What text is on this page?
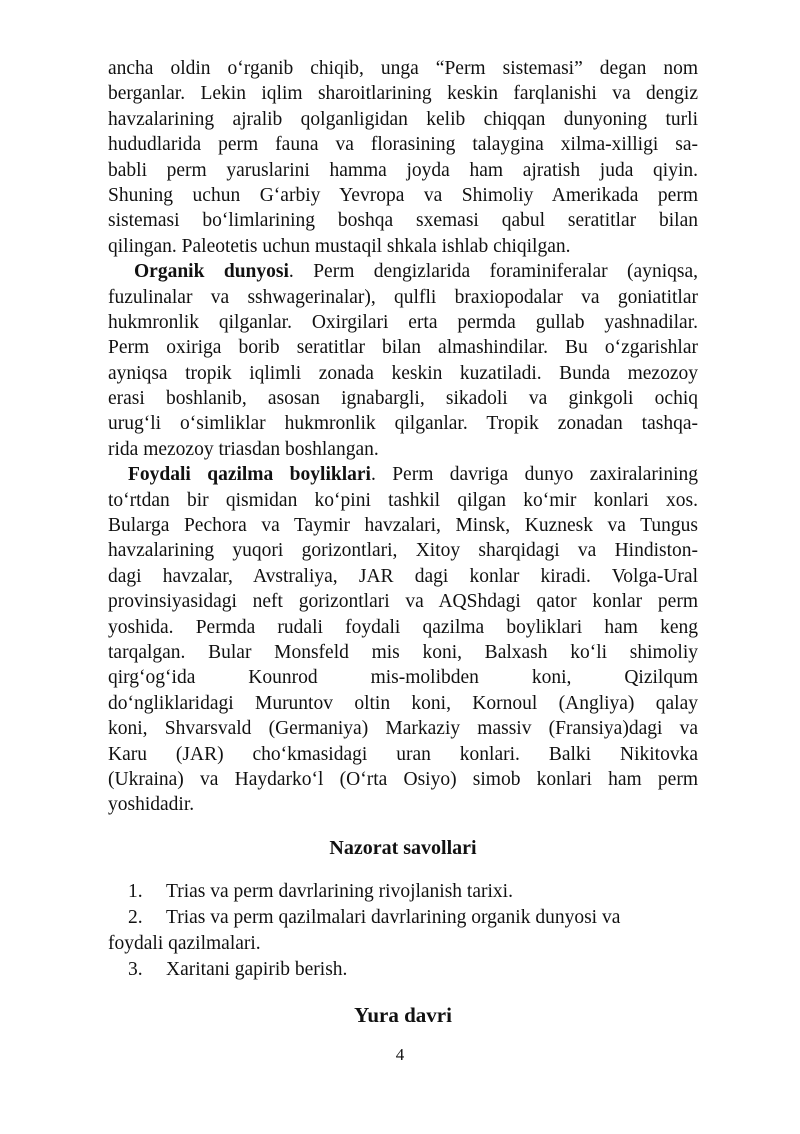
ancha oldin o‘rganib chiqib, unga “Perm sistemasi” degan nom
berganlar. Lekin iqlim sharoitlarining keskin farqlanishi va dengiz
havzalarining ajralib qolganligidan kelib chiqqan dunyoning turli
hududlarida perm fauna va florasining talaygina xilma-xilligi sa-
babli perm yaruslarini hamma joyda ham ajratish juda qiyin.
Shuning uchun G‘arbiy Yevropa va Shimoliy Amerikada perm
sistemasi bo‘limlarining boshqa sxemasi qabul seratitlar bilan
qilingan. Paleotetis uchun mustaqil shkala ishlab chiqilgan.
Organik dunyosi. Perm dengizlarida foraminiferalar (ayniqsa,
fuzulinalar va sshwagerinalar), qulfli braxiopodalar va goniatitlar
hukmronlik qilganlar. Oxirgilari erta permda gullab yashnadilar.
Perm oxiriga borib seratitlar bilan almashindilar. Bu o‘zgarishlar
ayniqsa tropik iqlimli zonada keskin kuzatiladi. Bunda mezozoy
erasi boshlanib, asosan ignabargli, sikadoli va ginkgoli ochiq
urug‘li o‘simliklar hukmronlik qilganlar. Tropik zonadan tashqa-
rida mezozoy triasdan boshlangan.
Foydali qazilma boyliklari. Perm davriga dunyo zaxiralarining
to‘rtdan bir qismidan ko‘pini tashkil qilgan ko‘mir konlari xos.
Bularga Pechora va Taymir havzalari, Minsk, Kuznesk va Tungus
havzalarining yuqori gorizontlari, Xitoy sharqidagi va Hindiston-
dagi havzalar, Avstraliya, JAR dagi konlar kiradi. Volga-Ural
provinsiyasidagi neft gorizontlari va AQShdagi qator konlar perm
yoshida. Permda rudali foydali qazilma boyliklari ham keng
tarqalgan. Bular Monsfeld mis koni, Balxash ko‘li shimoliy
qirg‘og‘ida Kounrod mis-molibden koni, Qizilqum
do‘ngliklaridagi Muruntov oltin koni, Kornoul (Angliya) qalay
koni, Shvarsvald (Germaniya) Markaziy massiv (Fransiya)dagi va
Karu (JAR) cho‘kmasidagi uran konlari. Balki Nikitovka
(Ukraina) va Haydarko‘l (O‘rta Osiyo) simob konlari ham perm
yoshidadir.
Nazorat savollari
1.	Trias va perm davrlarining rivojlanish tarixi.
2.	Trias va perm qazilmalari davrlarining organik dunyosi va
foydali qazilmalari.
3.	Xaritani gapirib berish.
Yura davri
4
